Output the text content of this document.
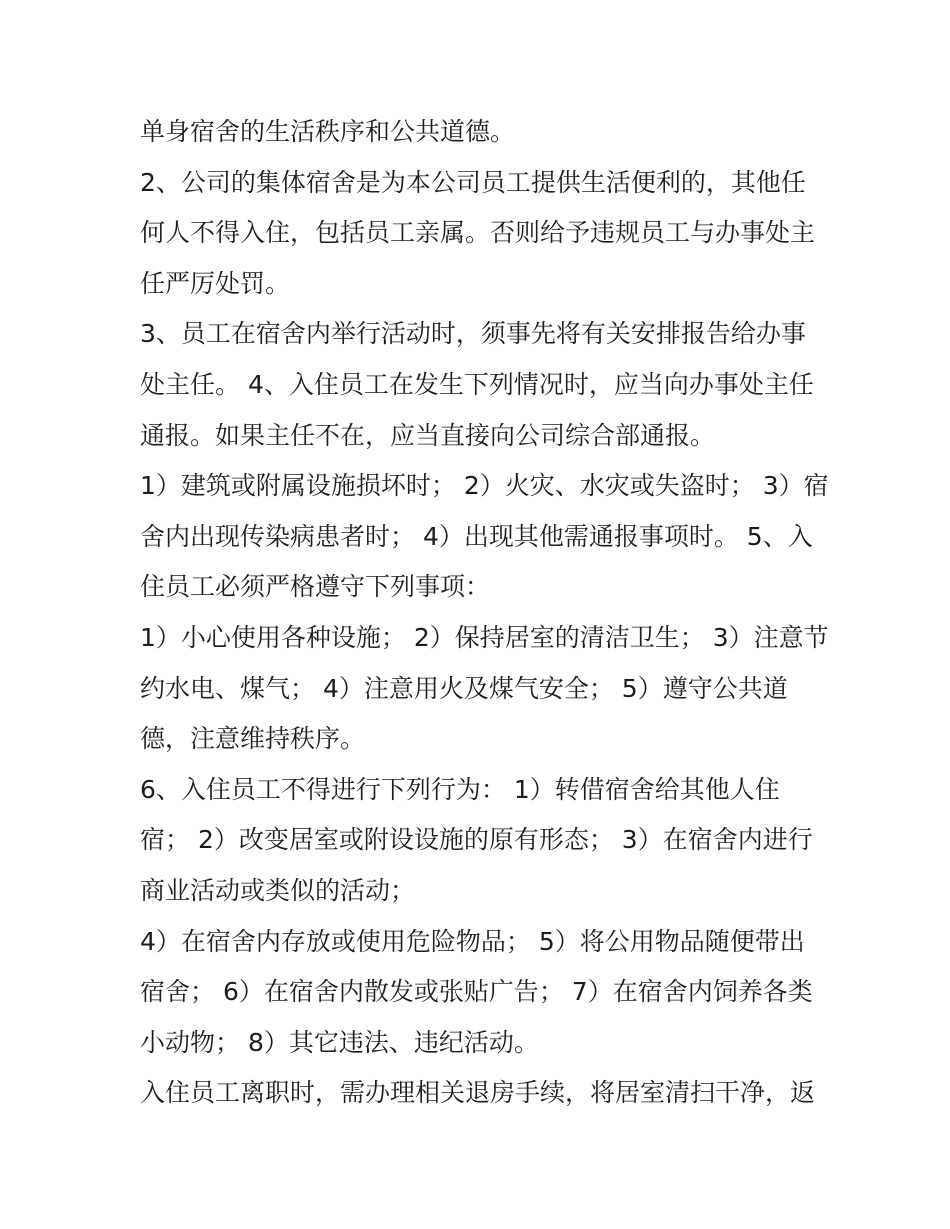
单身宿舍的生活秩序和公共道德。
2、公司的集体宿舍是为本公司员工提供生活便利的，其他任
何人不得入住，包括员工亲属。否则给予违规员工与办事处主
任严厉处罚。
3、员工在宿舍内举行活动时，须事先将有关安排报告给办事
处主任。 4、入住员工在发生下列情况时，应当向办事处主任
通报。如果主任不在，应当直接向公司综合部通报。
1）建筑或附属设施损坏时； 2）火灾、水灾或失盗时； 3）宿
舍内出现传染病患者时； 4）出现其他需通报事项时。 5、入
住员工必须严格遵守下列事项：
1）小心使用各种设施； 2）保持居室的清洁卫生； 3）注意节
约水电、煤气； 4）注意用火及煤气安全； 5）遵守公共道
德，注意维持秩序。
6、入住员工不得进行下列行为： 1）转借宿舍给其他人住
宿； 2）改变居室或附设设施的原有形态； 3）在宿舍内进行
商业活动或类似的活动；
4）在宿舍内存放或使用危险物品； 5）将公用物品随便带出
宿舍； 6）在宿舍内散发或张贴广告； 7）在宿舍内饲养各类
小动物； 8）其它违法、违纪活动。
入住员工离职时，需办理相关退房手续，将居室清扫干净，返
